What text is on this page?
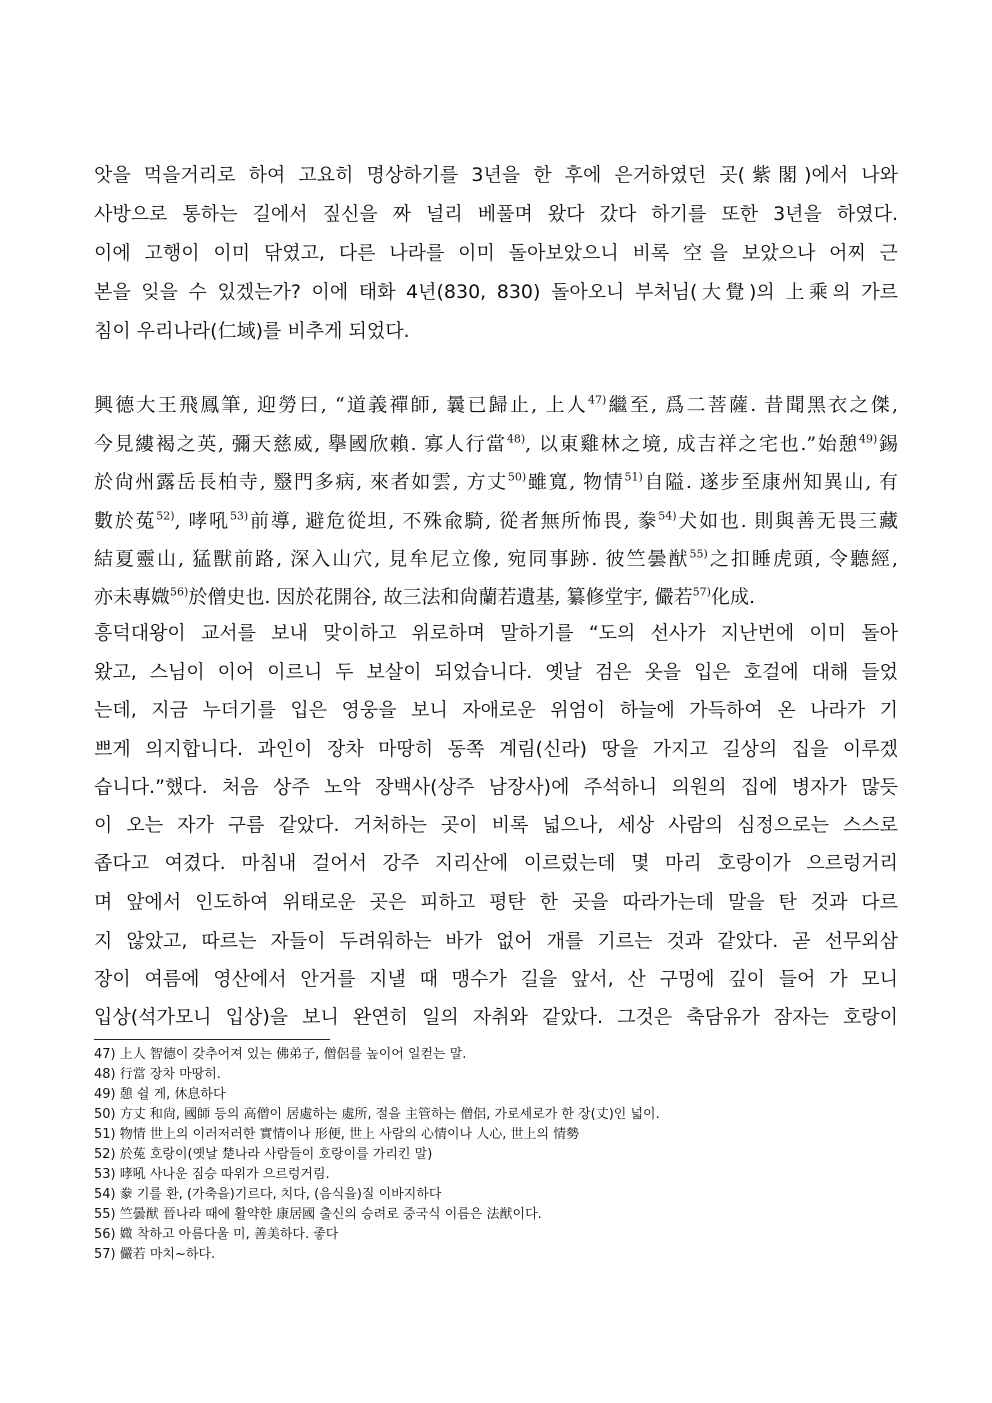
앗을 먹을거리로 하여 고요히 명상하기를 3년을 한 후에 은거하였던 곳(紫閣)에서 나와
사방으로 통하는 길에서 짚신을 짜 널리 베풀며 왔다 갔다 하기를 또한 3년을 하였다.
이에 고행이 이미 닦였고, 다른 나라를 이미 돌아보았으니 비록 空을 보았으나 어찌 근
본을 잊을 수 있겠는가? 이에 태화 4년(830, 830) 돌아오니 부처님(大覺)의 上乘의 가르
침이 우리나라(仁域)를 비추게 되었다.
興德大王飛鳳筆, 迎勞曰, “道義禪師, 曩已歸止, 上人$^{47)}$繼至, 爲二菩薩. 昔聞黑衣之傑,
今見縷褐之英, 彌天慈威, 擧國欣賴. 寡人行當$^{48)}$, 以東雞林之境, 成吉祥之宅也.”始憩$^{49)}$錫
於尙州露岳長柏寺, 毉門多病, 來者如雲, 方丈$^{50)}$雖寬, 物情$^{51)}$自隘. 遂步至康州知異山, 有
數於菟$^{52)}$, 哮吼$^{53)}$前導, 避危從坦, 不殊兪騎, 從者無所怖畏, 豢$^{54)}$犬如也. 則與善无畏三藏
結夏靈山, 猛獸前路, 深入山穴, 見牟尼立像, 宛同事跡. 彼竺曇猷$^{55)}$之扣睡虎頭, 令聽經,
亦未專媺$^{56)}$於僧史也. 因於花開谷, 故三法和尙蘭若遺基, 纂修堂宇, 儼若$^{57)}$化成.
흥덕대왕이 교서를 보내 맞이하고 위로하며 말하기를 “도의 선사가 지난번에 이미 돌아
왔고, 스님이 이어 이르니 두 보살이 되었습니다. 옛날 검은 옷을 입은 호걸에 대해 들었
는데, 지금 누더기를 입은 영웅을 보니 자애로운 위엄이 하늘에 가득하여 온 나라가 기
쁘게 의지합니다. 과인이 장차 마땅히 동쪽 계림(신라) 땅을 가지고 길상의 집을 이루겠
습니다.”했다. 처음 상주 노악 장백사(상주 남장사)에 주석하니 의원의 집에 병자가 많듯
이 오는 자가 구름 같았다. 거처하는 곳이 비록 넓으나, 세상 사람의 심정으로는 스스로
좁다고 여겼다. 마침내 걸어서 강주 지리산에 이르렀는데 몇 마리 호랑이가 으르렁거리
며 앞에서 인도하여 위태로운 곳은 피하고 평탄 한 곳을 따라가는데 말을 탄 것과 다르
지 않았고, 따르는 자들이 두려워하는 바가 없어 개를 기르는 것과 같았다. 곧 선무외삼
장이 여름에 영산에서 안거를 지낼 때 맹수가 길을 앞서, 산 구멍에 깊이 들어 가 모니
입상(석가모니 입상)을 보니 완연히 일의 자취와 같았다. 그것은 축담유가 잠자는 호랑이
47) 上人 智德이 갖추어져 있는 佛弟子, 僧侶를 높이어 일컫는 말.
48) 行當 장차 마땅히.
49) 憩 쉴 게, 休息하다
50) 方丈 和尙, 國師 등의 高僧이 居處하는 處所, 절을 主管하는 僧侶, 가로세로가 한 장(丈)인 넓이.
51) 物情 世上의 이러저러한 實情이나 形便, 世上 사람의 心情이나 人心, 世上의 情勢
52) 於菟 호랑이(옛날 楚나라 사람들이 호랑이를 가리킨 말)
53) 哮吼 사나운 짐승 따위가 으르렁거림.
54) 豢 기를 환, (가축을)기르다, 치다, (음식을)질 이바지하다
55) 竺曇猷 晉나라 때에 활약한 康居國 출신의 승려로 중국식 이름은 法猷이다.
56) 媺 착하고 아름다울 미, 善美하다. 좋다
57) 儼若 마치~하다.
